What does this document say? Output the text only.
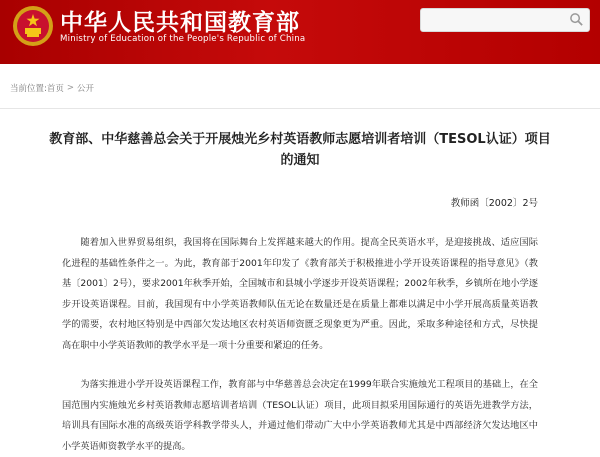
中华人民共和国教育部
Ministry of Education of the People's Republic of China
当前位置: 首页 > 公开
教育部、中华慈善总会关于开展烛光乡村英语教师志愿培训者培训（TESOL认证）项目的通知
教师函〔2002〕2号

随着加入世界贸易组织，我国将在国际舞台上发挥越来越大的作用。提高全民英语水平，是迎接挑战、适应国际化进程的基础性条件之一。为此，教育部于2001年印发了《教育部关于积极推进小学开设英语课程的指导意见》（教基〔2001〕2号），要求2001年秋季开始，全国城市和县城小学逐步开设英语课程；2002年秋季，乡镇所在地小学逐步开设英语课程。目前，我国现有中小学英语教师队伍无论在数量还是在质量上都难以满足中小学开展高质量英语教学的需要，农村地区特别是中西部欠发达地区农村英语师资匮乏现象更为严重。因此，采取多种途径和方式，尽快提高在职中小学英语教师的教学水平是一项十分重要和紧迫的任务。

为落实推进小学开设英语课程工作，教育部与中华慈善总会决定在1999年联合实施烛光工程项目的基础上，在全国范围内实施烛光乡村英语教师志愿培训者培训（TESOL认证）项目，此项目拟采用国际通行的英语先进教学方法，培训具有国际水准的高级英语学科教学带头人，并通过他们带动广大中小学英语教师尤其是中西部经济欠发达地区中小学英语师资教学水平的提高。
